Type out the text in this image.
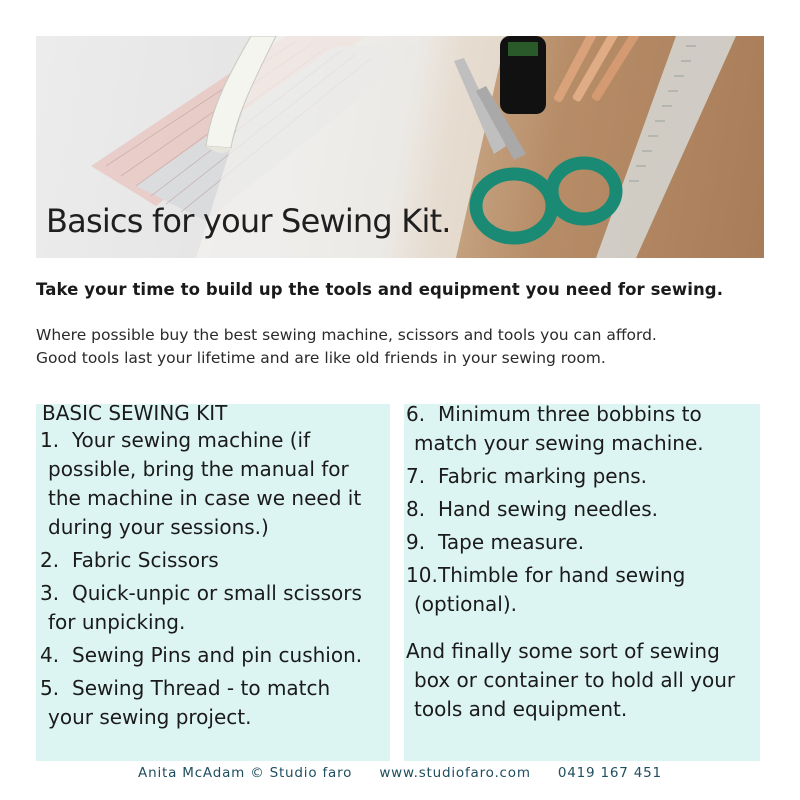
Basics for your Sewing Kit.
Take your time to build up the tools and equipment you need for sewing.
Where possible buy the best sewing machine, scissors and tools you can afford.
Good tools last your lifetime and are like old friends in your sewing room.
BASIC SEWING KIT
1. Your sewing machine (if
possible, bring the manual for
the machine in case we need it
during your sessions.)
2. Fabric Scissors
3. Quick-unpic or small scissors
for unpicking.
4. Sewing Pins and pin cushion.
5. Sewing Thread - to match
your sewing project.
6. Minimum three bobbins to
match your sewing machine.
7. Fabric marking pens.
8. Hand sewing needles.
9. Tape measure.
10. Thimble for hand sewing
(optional).
And finally some sort of sewing
box or container to hold all your
tools and equipment.
Anita McAdam © Studio faro www.studiofaro.com 0419 167 451
